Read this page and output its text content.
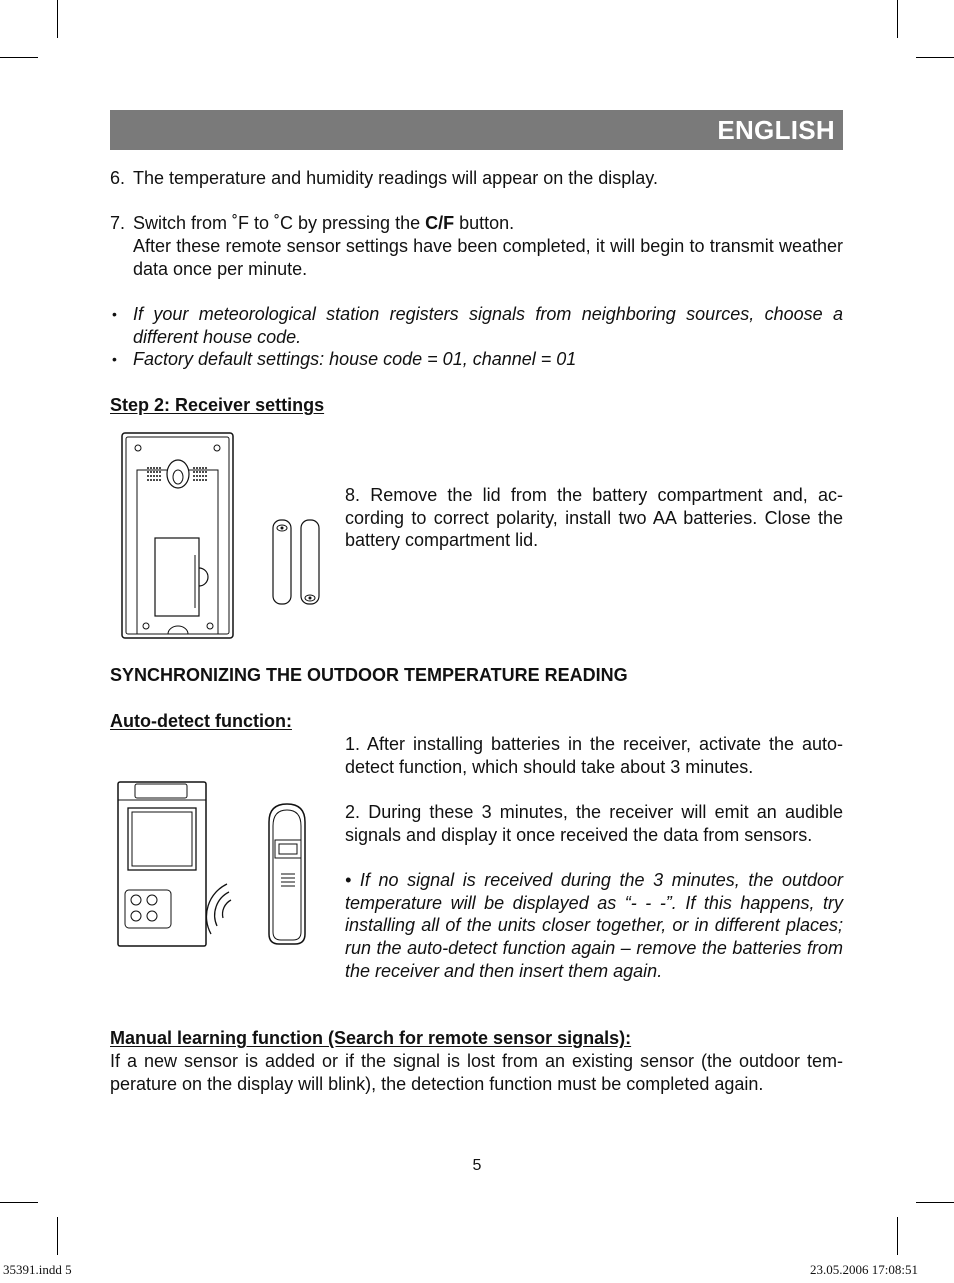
ENGLISH
6. The temperature and humidity readings will appear on the display.
7. Switch from ˚F to ˚C by pressing the C/F button.
After these remote sensor settings have been completed, it will begin to transmit weather data once per minute.
• If your meteorological station registers signals from neighboring sources, choose a different house code.
• Factory default settings: house code = 01, channel = 01
Step 2: Receiver settings
8. Remove the lid from the battery compartment and, ac-cording to correct polarity, install two AA batteries. Close the battery compartment lid.
SYNCHRONIZING THE OUTDOOR TEMPERATURE READING
Auto-detect function:
1. After installing batteries in the receiver, activate the auto-detect function, which should take about 3 minutes.
2. During these 3 minutes, the receiver will emit an audible signals and display it once received the data from sensors.
• If no signal is received during the 3 minutes, the outdoor temperature will be displayed as “- - -”. If this happens, try installing all of the units closer together, or in different places; run the auto-detect function again – remove the batteries from the receiver and then insert them again.
Manual learning function (Search for remote sensor signals):
If a new sensor is added or if the signal is lost from an existing sensor (the outdoor tem-perature on the display will blink), the detection function must be completed again.
5
35391.indd 5	23.05.2006 17:08:51
